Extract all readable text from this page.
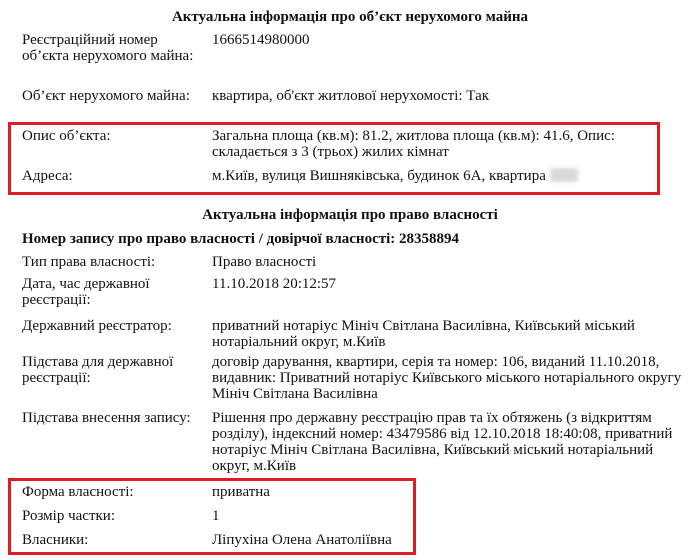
Актуальна інформація про об’єкт нерухомого майна
Реєстраційний номер об’єкта нерухомого майна:
1666514980000
Об’єкт нерухомого майна:	квартира, об'єкт житлової нерухомості: Так
Опис об’єкта:	Загальна площа (кв.м): 81.2, житлова площа (кв.м): 41.6, Опис: складається з 3 (трьох) жилих кімнат
Адреса:	м.Київ, вулиця Вишняківська, будинок 6А, квартира
Актуальна інформація про право власності
Номер запису про право власності / довірчої власності: 28358894
Тип права власності:	Право власності
Дата, час державної реєстрації:
11.10.2018 20:12:57
Державний реєстратор:	приватний нотаріус Мініч Світлана Василівна, Київський міський нотаріальний округ, м.Київ
Підстава для державної реєстрації:
договір дарування, квартири, серія та номер: 106, виданий 11.10.2018, видавник: Приватний нотаріус Київського міського нотаріального округу Мініч Світлана Василівна
Підстава внесення запису:	Рішення про державну реєстрацію прав та їх обтяжень (з відкриттям розділу), індексний номер: 43479586 від 12.10.2018 18:40:08, приватний нотаріус Мініч Світлана Василівна, Київський міський нотаріальний округ, м.Київ
Форма власності:	приватна
Розмір частки:	1
Власники:	Ліпухіна Олена Анатоліївна
